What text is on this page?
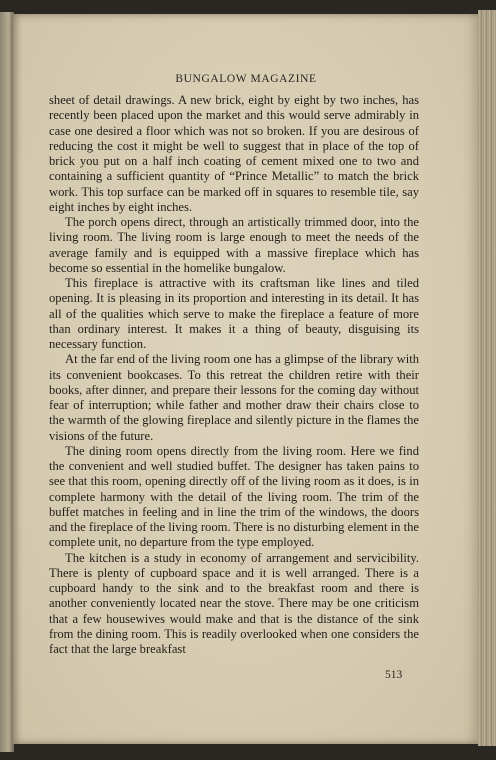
BUNGALOW MAGAZINE

sheet of detail drawings. A new brick, eight by eight by two inches, has recently been placed upon the market and this would serve admirably in case one desired a floor which was not so broken. If you are desirous of reducing the cost it might be well to suggest that in place of the top of brick you put on a half inch coating of cement mixed one to two and containing a sufficient quantity of “Prince Metallic” to match the brick work. This top surface can be marked off in squares to resemble tile, say eight inches by eight inches.

The porch opens direct, through an artistically trimmed door, into the living room. The living room is large enough to meet the needs of the average family and is equipped with a massive fireplace which has become so essential in the homelike bungalow.

This fireplace is attractive with its craftsman like lines and tiled opening. It is pleasing in its proportion and interesting in its detail. It has all of the qualities which serve to make the fireplace a feature of more than ordinary interest. It makes it a thing of beauty, disguising its necessary function.

At the far end of the living room one has a glimpse of the library with its convenient bookcases. To this retreat the children retire with their books, after dinner, and prepare their lessons for the coming day without fear of interruption; while father and mother draw their chairs close to the warmth of the glowing fireplace and silently picture in the flames the visions of the future.

The dining room opens directly from the living room. Here we find the convenient and well studied buffet. The designer has taken pains to see that this room, opening directly off of the living room as it does, is in complete harmony with the detail of the living room. The trim of the buffet matches in feeling and in line the trim of the windows, the doors and the fireplace of the living room. There is no disturbing element in the complete unit, no departure from the type employed.

The kitchen is a study in economy of arrangement and servicibility. There is plenty of cupboard space and it is well arranged. There is a cupboard handy to the sink and to the breakfast room and there is another conveniently located near the stove. There may be one criticism that a few housewives would make and that is the distance of the sink from the dining room. This is readily overlooked when one considers the fact that the large breakfast

513
